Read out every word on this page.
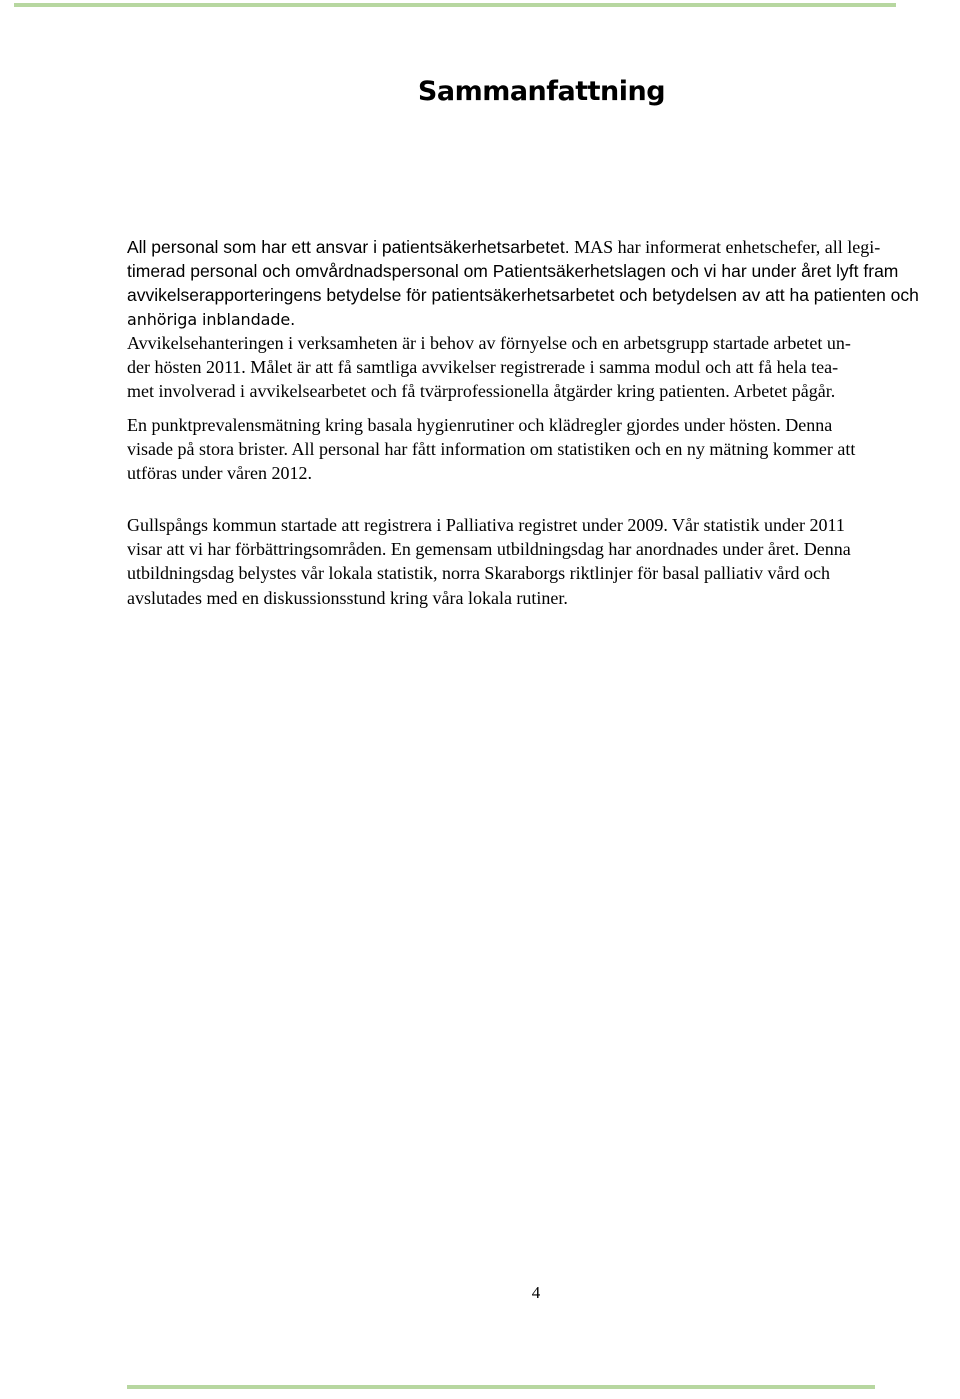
Sammanfattning
All personal som har ett ansvar i patientsäkerhetsarbetet. MAS har informerat enhetschefer, all legi-
timerad personal och omvårdnadspersonal om Patientsäkerhetslagen och vi har under året lyft fram
avvikelserapporteringens betydelse för patientsäkerhetsarbetet och betydelsen av att ha patienten och
anhöriga inblandade.
Avvikelsehanteringen i verksamheten är i behov av förnyelse och en arbetsgrupp startade arbetet un-
der hösten 2011. Målet är att få samtliga avvikelser registrerade i samma modul och att få hela tea-
met involverad i avvikelsearbetet och få tvärprofessionella åtgärder kring patienten. Arbetet pågår.
En punktprevalensmätning kring basala hygienrutiner och klädregler gjordes under hösten. Denna
visade på stora brister. All personal har fått information om statistiken och en ny mätning kommer att
utföras under våren 2012.
Gullspångs kommun startade att registrera i Palliativa registret under 2009. Vår statistik under 2011
visar att vi har förbättringsområden. En gemensam utbildningsdag har anordnades under året. Denna
utbildningsdag belystes vår lokala statistik, norra Skaraborgs riktlinjer för basal palliativ vård och
avslutades med en diskussionsstund kring våra lokala rutiner.
4
